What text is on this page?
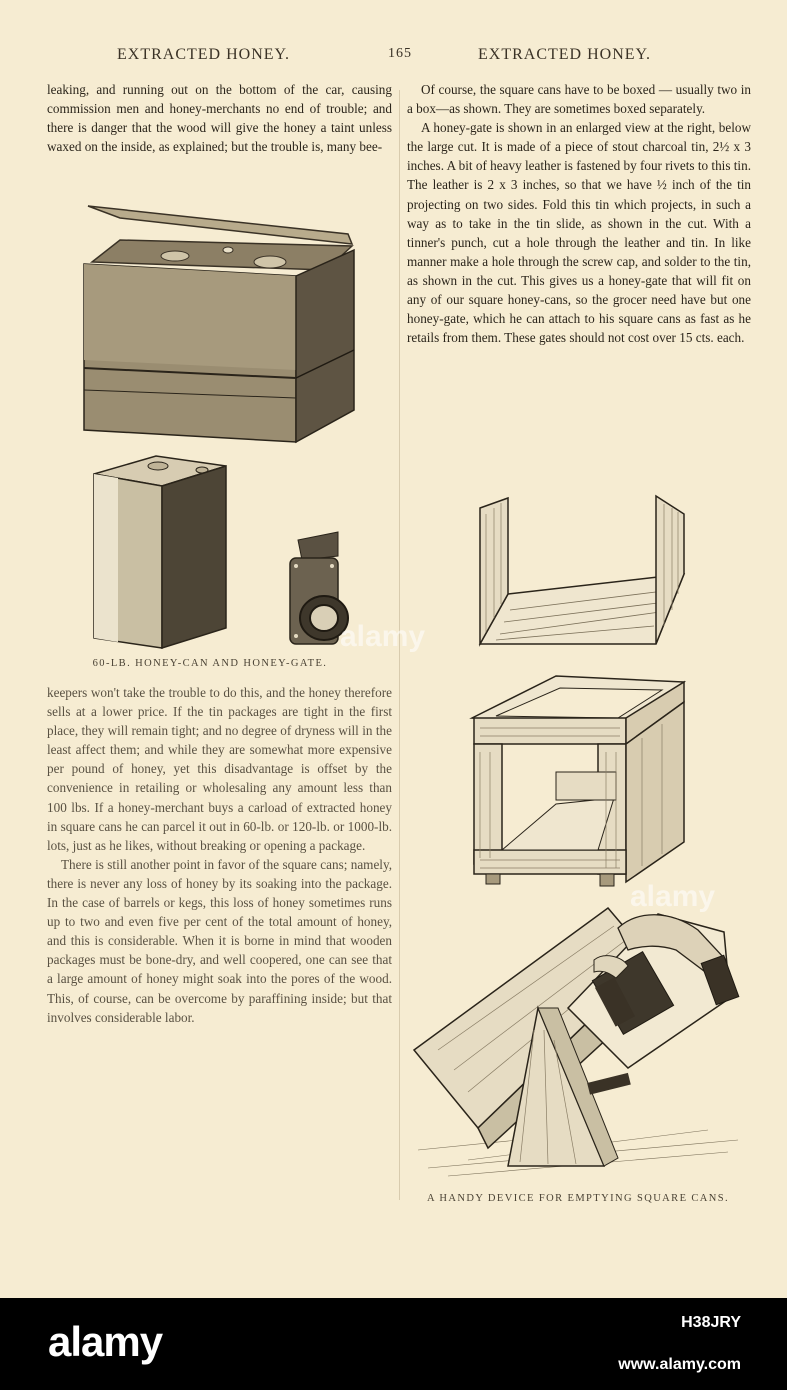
EXTRACTED HONEY.	165	EXTRACTED HONEY.

leaking, and running out on the bottom of the car, causing commission men and honey-merchants no end of trouble; and there is danger that the wood will give the honey a taint unless waxed on the inside, as explained; but the trouble is, many bee-

60-LB. HONEY-CAN AND HONEY-GATE.

keepers won't take the trouble to do this, and the honey therefore sells at a lower price. If the tin packages are tight in the first place, they will remain tight; and no degree of dryness will in the least affect them; and while they are somewhat more expensive per pound of honey, yet this disadvantage is offset by the convenience in retailing or wholesaling any amount less than 100 lbs. If a honey-merchant buys a carload of extracted honey in square cans he can parcel it out in 60-lb. or 120-lb. or 1000-lb. lots, just as he likes, without breaking or opening a package.

There is still another point in favor of the square cans; namely, there is never any loss of honey by its soaking into the package. In the case of barrels or kegs, this loss of honey sometimes runs up to two and even five per cent of the total amount of honey, and this is considerable. When it is borne in mind that wooden packages must be bone-dry, and well coopered, one can see that a large amount of honey might soak into the pores of the wood. This, of course, can be overcome by paraffining inside; but that involves considerable labor.

Of course, the square cans have to be boxed — usually two in a box—as shown. They are sometimes boxed separately.

A honey-gate is shown in an enlarged view at the right, below the large cut. It is made of a piece of stout charcoal tin, 2½ x 3 inches. A bit of heavy leather is fastened by four rivets to this tin. The leather is 2 x 3 inches, so that we have ½ inch of the tin projecting on two sides. Fold this tin which projects, in such a way as to take in the tin slide, as shown in the cut. With a tinner's punch, cut a hole through the leather and tin. In like manner make a hole through the screw cap, and solder to the tin, as shown in the cut. This gives us a honey-gate that will fit on any of our square honey-cans, so the grocer need have but one honey-gate, which he can attach to his square cans as fast as he retails from them. These gates should not cost over 15 cts. each.

A HANDY DEVICE FOR EMPTYING SQUARE CANS.
alamy
alamy
alamy	H38JRY
www.alamy.com
